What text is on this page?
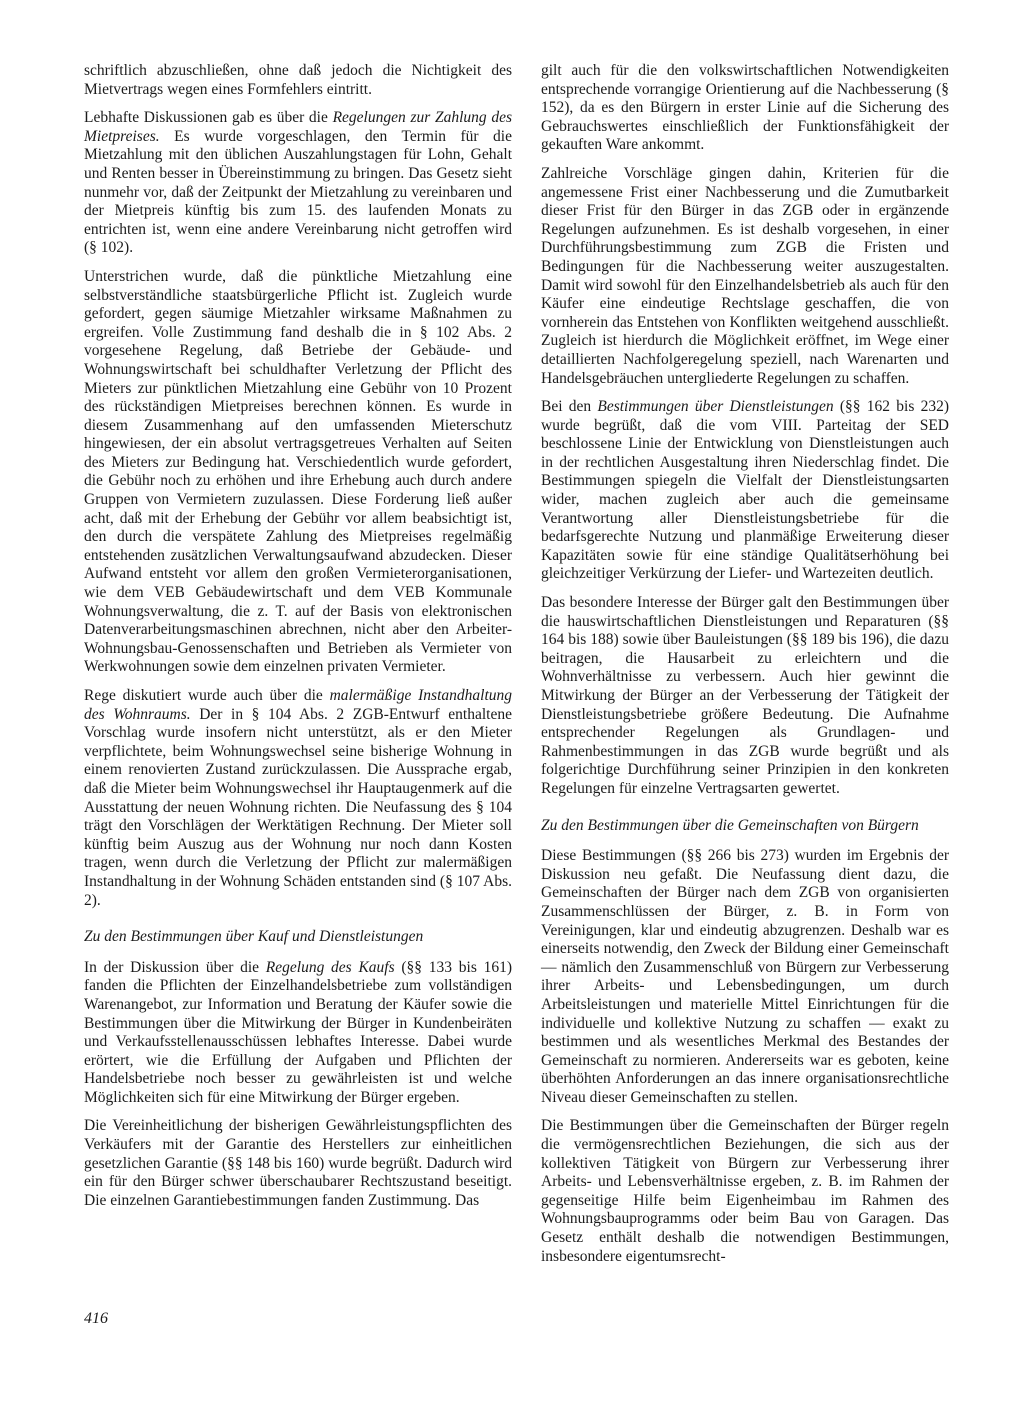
schriftlich abzuschließen, ohne daß jedoch die Nichtigkeit des Mietvertrags wegen eines Formfehlers eintritt.

Lebhafte Diskussionen gab es über die Regelungen zur Zahlung des Mietpreises. Es wurde vorgeschlagen, den Termin für die Mietzahlung mit den üblichen Auszahlungstagen für Lohn, Gehalt und Renten besser in Übereinstimmung zu bringen. Das Gesetz sieht nunmehr vor, daß der Zeitpunkt der Mietzahlung zu vereinbaren und der Mietpreis künftig bis zum 15. des laufenden Monats zu entrichten ist, wenn eine andere Vereinbarung nicht getroffen wird (§ 102).

Unterstrichen wurde, daß die pünktliche Mietzahlung eine selbstverständliche staatsbürgerliche Pflicht ist. Zugleich wurde gefordert, gegen säumige Mietzahler wirksame Maßnahmen zu ergreifen. Volle Zustimmung fand deshalb die in § 102 Abs. 2 vorgesehene Regelung, daß Betriebe der Gebäude- und Wohnungswirtschaft bei schuldhafter Verletzung der Pflicht des Mieters zur pünktlichen Mietzahlung eine Gebühr von 10 Prozent des rückständigen Mietpreises berechnen können. Es wurde in diesem Zusammenhang auf den umfassenden Mieterschutz hingewiesen, der ein absolut vertragsgetreues Verhalten auf Seiten des Mieters zur Bedingung hat. Verschiedentlich wurde gefordert, die Gebühr noch zu erhöhen und ihre Erhebung auch durch andere Gruppen von Vermietern zuzulassen. Diese Forderung ließ außer acht, daß mit der Erhebung der Gebühr vor allem beabsichtigt ist, den durch die verspätete Zahlung des Mietpreises regelmäßig entstehenden zusätzlichen Verwaltungsaufwand abzudecken. Dieser Aufwand entsteht vor allem den großen Vermieterorganisationen, wie dem VEB Gebäudewirtschaft und dem VEB Kommunale Wohnungsverwaltung, die z. T. auf der Basis von elektronischen Datenverarbeitungsmaschinen abrechnen, nicht aber den Arbeiter-Wohnungsbau-Genossenschaften und Betrieben als Vermieter von Werkwohnungen sowie dem einzelnen privaten Vermieter.

Rege diskutiert wurde auch über die malermäßige Instandhaltung des Wohnraums. Der in § 104 Abs. 2 ZGB-Entwurf enthaltene Vorschlag wurde insofern nicht unterstützt, als er den Mieter verpflichtete, beim Wohnungswechsel seine bisherige Wohnung in einem renovierten Zustand zurückzulassen. Die Aussprache ergab, daß die Mieter beim Wohnungswechsel ihr Hauptaugenmerk auf die Ausstattung der neuen Wohnung richten. Die Neufassung des § 104 trägt den Vorschlägen der Werktätigen Rechnung. Der Mieter soll künftig beim Auszug aus der Wohnung nur noch dann Kosten tragen, wenn durch die Verletzung der Pflicht zur malermäßigen Instandhaltung in der Wohnung Schäden entstanden sind (§ 107 Abs. 2).

Zu den Bestimmungen über Kauf und Dienstleistungen

In der Diskussion über die Regelung des Kaufs (§§ 133 bis 161) fanden die Pflichten der Einzelhandelsbetriebe zum vollständigen Warenangebot, zur Information und Beratung der Käufer sowie die Bestimmungen über die Mitwirkung der Bürger in Kundenbeiräten und Verkaufsstellenausschüssen lebhaftes Interesse. Dabei wurde erörtert, wie die Erfüllung der Aufgaben und Pflichten der Handelsbetriebe noch besser zu gewährleisten ist und welche Möglichkeiten sich für eine Mitwirkung der Bürger ergeben.

Die Vereinheitlichung der bisherigen Gewährleistungspflichten des Verkäufers mit der Garantie des Herstellers zur einheitlichen gesetzlichen Garantie (§§ 148 bis 160) wurde begrüßt. Dadurch wird ein für den Bürger schwer überschaubarer Rechtszustand beseitigt. Die einzelnen Garantiebestimmungen fanden Zustimmung. Das

gilt auch für die den volkswirtschaftlichen Notwendigkeiten entsprechende vorrangige Orientierung auf die Nachbesserung (§ 152), da es den Bürgern in erster Linie auf die Sicherung des Gebrauchswertes einschließlich der Funktionsfähigkeit der gekauften Ware ankommt.

Zahlreiche Vorschläge gingen dahin, Kriterien für die angemessene Frist einer Nachbesserung und die Zumutbarkeit dieser Frist für den Bürger in das ZGB oder in ergänzende Regelungen aufzunehmen. Es ist deshalb vorgesehen, in einer Durchführungsbestimmung zum ZGB die Fristen und Bedingungen für die Nachbesserung weiter auszugestalten. Damit wird sowohl für den Einzelhandelsbetrieb als auch für den Käufer eine eindeutige Rechtslage geschaffen, die von vornherein das Entstehen von Konflikten weitgehend ausschließt. Zugleich ist hierdurch die Möglichkeit eröffnet, im Wege einer detaillierten Nachfolgeregelung speziell, nach Warenarten und Handelsgebräuchen untergliederte Regelungen zu schaffen.

Bei den Bestimmungen über Dienstleistungen (§§ 162 bis 232) wurde begrüßt, daß die vom VIII. Parteitag der SED beschlossene Linie der Entwicklung von Dienstleistungen auch in der rechtlichen Ausgestaltung ihren Niederschlag findet. Die Bestimmungen spiegeln die Vielfalt der Dienstleistungsarten wider, machen zugleich aber auch die gemeinsame Verantwortung aller Dienstleistungsbetriebe für die bedarfsgerechte Nutzung und planmäßige Erweiterung dieser Kapazitäten sowie für eine ständige Qualitätserhöhung bei gleichzeitiger Verkürzung der Liefer- und Wartezeiten deutlich.

Das besondere Interesse der Bürger galt den Bestimmungen über die hauswirtschaftlichen Dienstleistungen und Reparaturen (§§ 164 bis 188) sowie über Bauleistungen (§§ 189 bis 196), die dazu beitragen, die Hausarbeit zu erleichtern und die Wohnverhältnisse zu verbessern. Auch hier gewinnt die Mitwirkung der Bürger an der Verbesserung der Tätigkeit der Dienstleistungsbetriebe größere Bedeutung. Die Aufnahme entsprechender Regelungen als Grundlagen- und Rahmenbestimmungen in das ZGB wurde begrüßt und als folgerichtige Durchführung seiner Prinzipien in den konkreten Regelungen für einzelne Vertragsarten gewertet.

Zu den Bestimmungen über die Gemeinschaften von Bürgern

Diese Bestimmungen (§§ 266 bis 273) wurden im Ergebnis der Diskussion neu gefaßt. Die Neufassung dient dazu, die Gemeinschaften der Bürger nach dem ZGB von organisierten Zusammenschlüssen der Bürger, z. B. in Form von Vereinigungen, klar und eindeutig abzugrenzen. Deshalb war es einerseits notwendig, den Zweck der Bildung einer Gemeinschaft — nämlich den Zusammenschluß von Bürgern zur Verbesserung ihrer Arbeits- und Lebensbedingungen, um durch Arbeitsleistungen und materielle Mittel Einrichtungen für die individuelle und kollektive Nutzung zu schaffen — exakt zu bestimmen und als wesentliches Merkmal des Bestandes der Gemeinschaft zu normieren. Andererseits war es geboten, keine überhöhten Anforderungen an das innere organisationsrechtliche Niveau dieser Gemeinschaften zu stellen.

Die Bestimmungen über die Gemeinschaften der Bürger regeln die vermögensrechtlichen Beziehungen, die sich aus der kollektiven Tätigkeit von Bürgern zur Verbesserung ihrer Arbeits- und Lebensverhältnisse ergeben, z. B. im Rahmen der gegenseitige Hilfe beim Eigenheimbau im Rahmen des Wohnungsbauprogramms oder beim Bau von Garagen. Das Gesetz enthält deshalb die notwendigen Bestimmungen, insbesondere eigentumsrecht-

416
